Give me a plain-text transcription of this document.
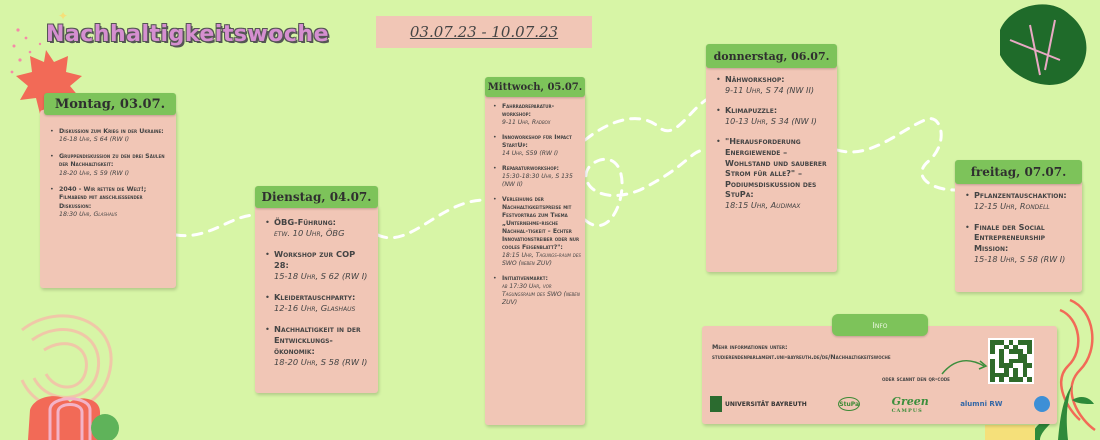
✦
Nachhaltigkeitswoche	03.07.23 - 10.07.23
• Diskussion zum Krieg in der Ukraine:
16-18 Uhr, S 64 (RW I)
• Gruppendiskussion zu den drei Säulen der Nachhaltigkeit:
18-20 Uhr, S 59 (RW I)
• 2040 - Wir retten die Welt!; Filmabend mit anschließender Diskussion:
18:30 Uhr, Glashaus
Montag, 03.07.
• ÖBG-Führung:
etw. 10 Uhr, ÖBG
• Workshop zur COP 28:
15-18 Uhr, S 62 (RW I)
• Kleidertauschparty:
12-16 Uhr, Glashaus
• Nachhaltigkeit in der Entwicklungs-ökonomik:
18-20 Uhr, S 58 (RW I)
Dienstag, 04.07.
• Fahrradreparatur-workshop:
9-11 Uhr, Radbox
• Innoworkshop für Impact StartUp:
14 Uhr, S59 (RW I)
• Reparaturworkshop:
15:30-18:30 Uhr, S 135 (NW II)
• Verleihung der Nachhaltigkeitspreise mit Festvortrag zum Thema „Unternehme-rische Nachhal-tigkeit – Echter Innovationstreiber oder nur cooles Feigenblatt?":
18:15 Uhr, Tagungs-raum des SWO (neben ZUV)
• Initiativenmarkt:
ab 17:30 Uhr, vor Tagungsraum des SWO (neben ZUV)
Mittwoch, 05.07.
• Nähworkshop:
9-11 Uhr, S 74 (NW II)
• Klimapuzzle:
10-13 Uhr, S 34 (NW I)
• "Herausforderung Energiewende – Wohlstand und sauberer Strom für alle?" – Podiumsdiskussion des StuPa:
18:15 Uhr, Audimax
donnerstag, 06.07.
• Pflanzentauschaktion:
12-15 Uhr, Rondell
• Finale der Social Entrepreneurship Mission:
15-18 Uhr, S 58 (RW I)
freitag, 07.07.
Mehr informationen unter:
studierendenparlament.uni-bayreuth.de/de/Nachhaltigkeitswoche
oder scannt den qr-code
UNIVERSITÄT BAYREUTH	StuPa	Green
CAMPUS
alumni RW
Info
